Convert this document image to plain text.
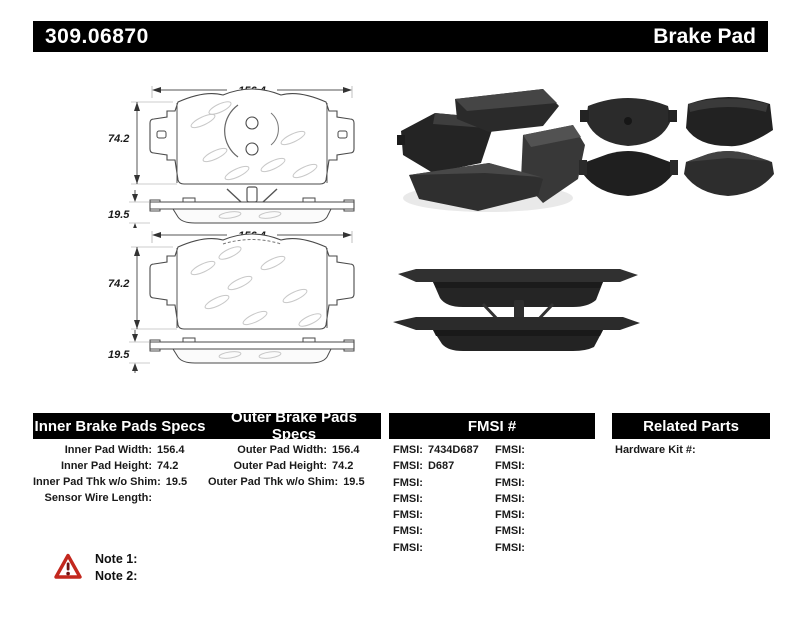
309.06870	Brake Pad
74.2
19.5
74.2
19.5
Inner Brake Pads Specs	Outer Brake Pads Specs	FMSI #	Related Parts
Inner Pad Width: 156.4
Inner Pad Height: 74.2
Inner Pad Thk w/o Shim: 19.5
Sensor Wire Length:
Outer Pad Width: 156.4
Outer Pad Height: 74.2
Outer Pad Thk w/o Shim: 19.5
FMSI: 7434D687
FMSI: D687
FMSI:
FMSI:
FMSI:
FMSI:
FMSI:
FMSI:
FMSI:
FMSI:
FMSI:
FMSI:
FMSI:
FMSI:
Hardware Kit #:
Note 1:
Note 2:
